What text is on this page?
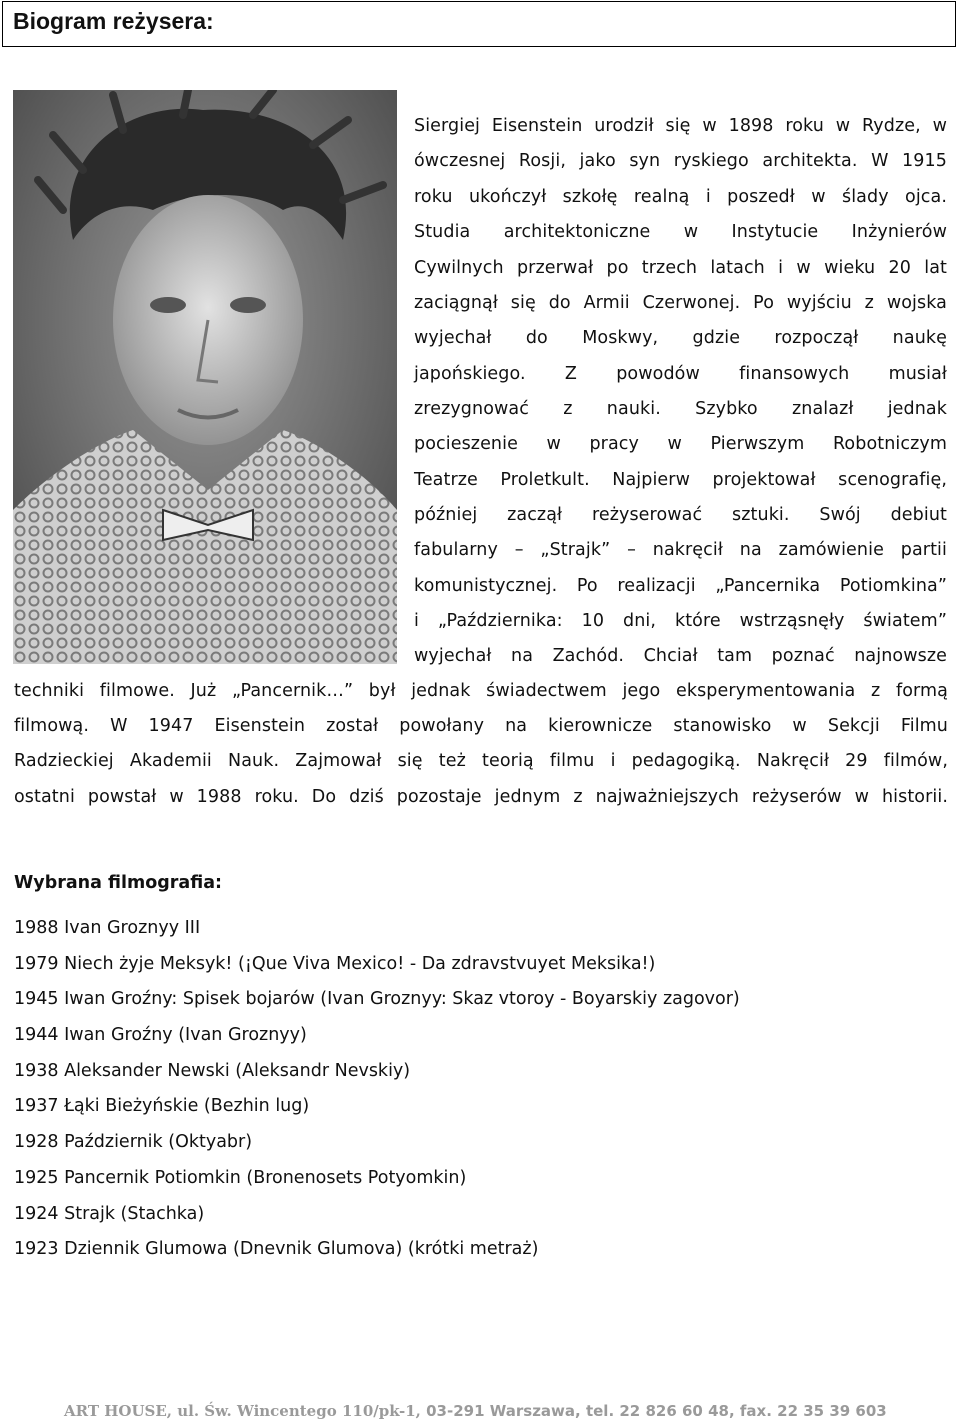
Biogram reżysera:
Siergiej Eisenstein urodził się w 1898 roku w Rydze, w
ówczesnej Rosji, jako syn ryskiego architekta. W 1915
roku ukończył szkołę realną i poszedł w ślady ojca.
Studia architektoniczne w Instytucie Inżynierów
Cywilnych przerwał po trzech latach i w wieku 20 lat
zaciągnął się do Armii Czerwonej. Po wyjściu z wojska
wyjechał do Moskwy, gdzie rozpoczął naukę
japońskiego. Z powodów finansowych musiał
zrezygnować z nauki. Szybko znalazł jednak
pocieszenie w pracy w Pierwszym Robotniczym
Teatrze Proletkult. Najpierw projektował scenografię,
później zaczął reżyserować sztuki. Swój debiut
fabularny – „Strajk” – nakręcił na zamówienie partii
komunistycznej. Po realizacji „Pancernika Potiomkina”
i „Października: 10 dni, które wstrząsnęły światem”
wyjechał na Zachód. Chciał tam poznać najnowsze
techniki filmowe. Już „Pancernik…” był jednak świadectwem jego eksperymentowania z formą
filmową. W 1947 Eisenstein został powołany na kierownicze stanowisko w Sekcji Filmu
Radzieckiej Akademii Nauk. Zajmował się też teorią filmu i pedagogiką. Nakręcił 29 filmów,
ostatni powstał w 1988 roku. Do dziś pozostaje jednym z najważniejszych reżyserów w historii.
Wybrana filmografia:
1988 Ivan Groznyy III
1979 Niech żyje Meksyk! (¡Que Viva Mexico! - Da zdravstvuyet Meksika!)
1945 Iwan Groźny: Spisek bojarów (Ivan Groznyy: Skaz vtoroy - Boyarskiy zagovor)
1944 Iwan Groźny (Ivan Groznyy)
1938 Aleksander Newski (Aleksandr Nevskiy)
1937 Łąki Bieżyńskie (Bezhin lug)
1928 Październik (Oktyabr)
1925 Pancernik Potiomkin (Bronenosets Potyomkin)
1924 Strajk (Stachka)
1923 Dziennik Glumowa (Dnevnik Glumova) (krótki metraż)
ART HOUSE, ul. Św. Wincentego 110/pk-1, 03-291 Warszawa, tel. 22 826 60 48, fax. 22 35 39 603
